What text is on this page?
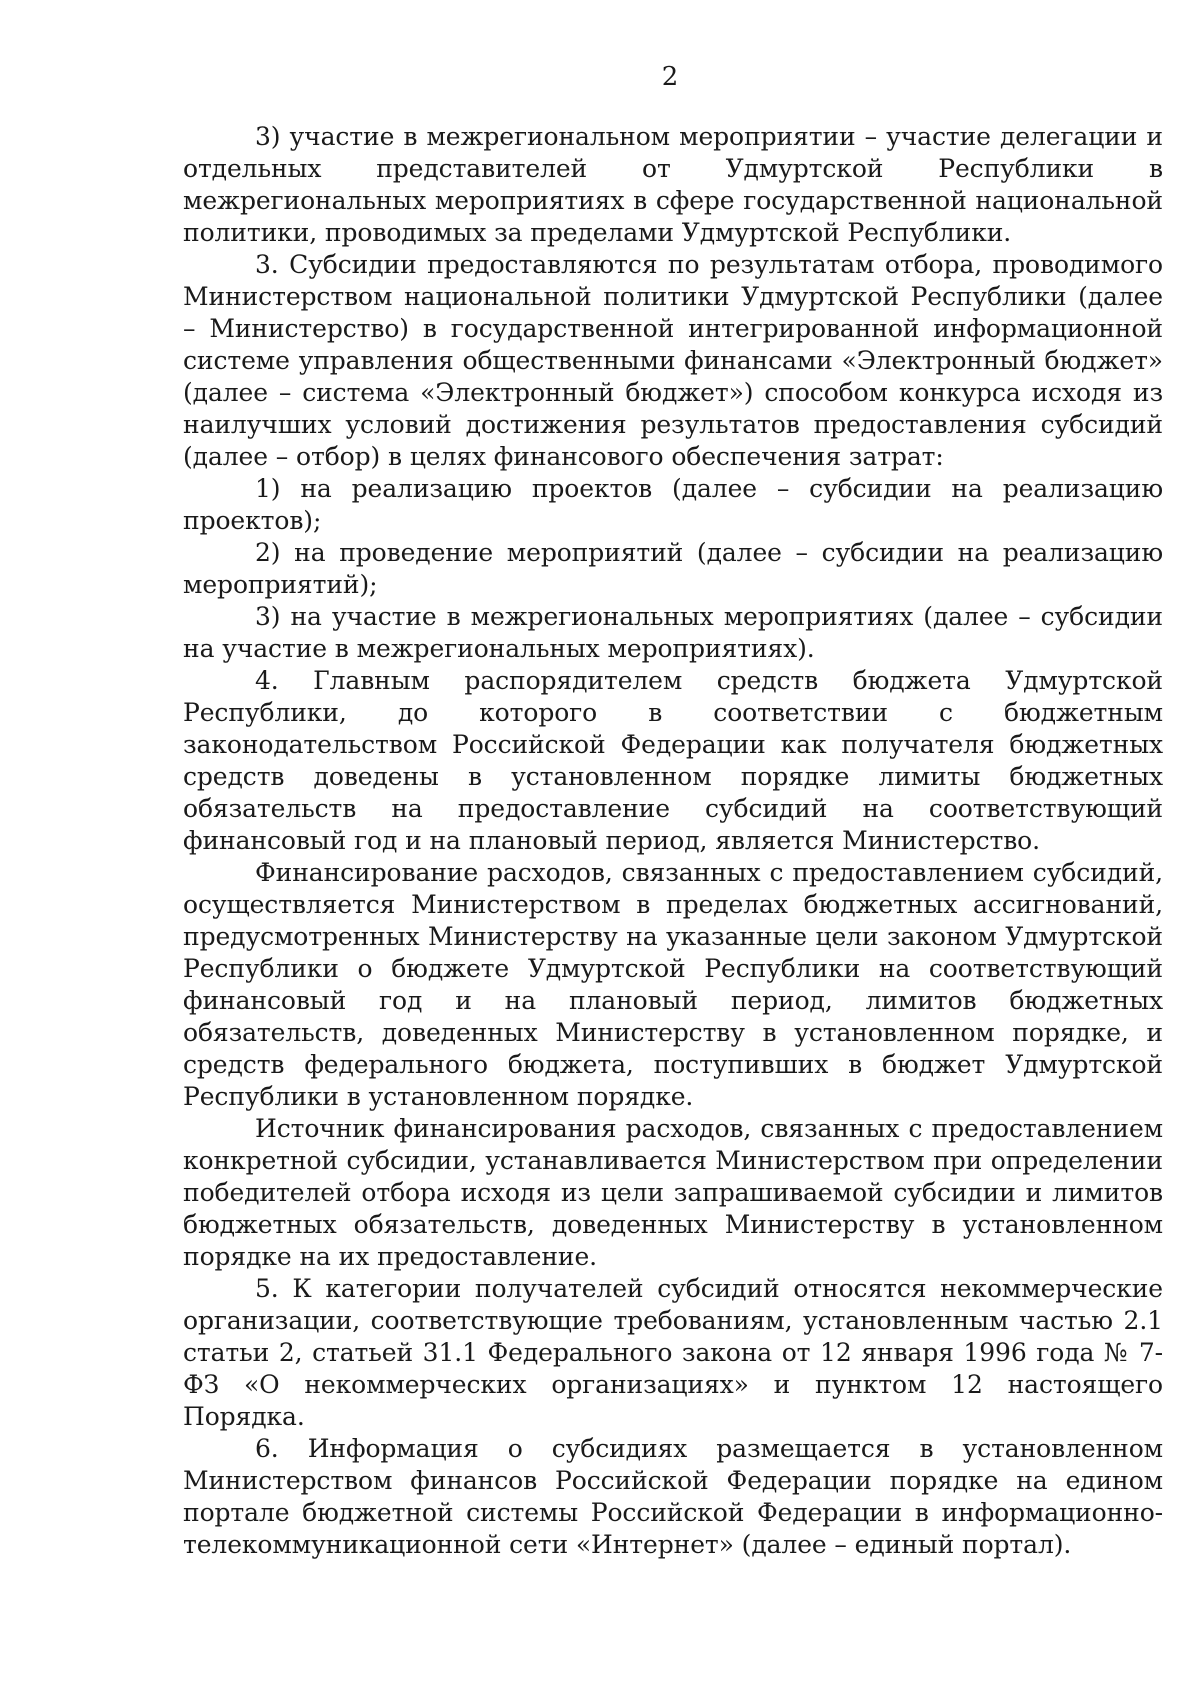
2

3) участие в межрегиональном мероприятии – участие делегации и отдельных представителей от Удмуртской Республики в межрегиональных мероприятиях в сфере государственной национальной политики, проводимых за пределами Удмуртской Республики.

3. Субсидии предоставляются по результатам отбора, проводимого Министерством национальной политики Удмуртской Республики (далее – Министерство) в государственной интегрированной информационной системе управления общественными финансами «Электронный бюджет» (далее – система «Электронный бюджет») способом конкурса исходя из наилучших условий достижения результатов предоставления субсидий (далее – отбор) в целях финансового обеспечения затрат:

1) на реализацию проектов (далее – субсидии на реализацию проектов);

2) на проведение мероприятий (далее – субсидии на реализацию мероприятий);

3) на участие в межрегиональных мероприятиях (далее – субсидии на участие в межрегиональных мероприятиях).

4. Главным распорядителем средств бюджета Удмуртской Республики, до которого в соответствии с бюджетным законодательством Российской Федерации как получателя бюджетных средств доведены в установленном порядке лимиты бюджетных обязательств на предоставление субсидий на соответствующий финансовый год и на плановый период, является Министерство.

Финансирование расходов, связанных с предоставлением субсидий, осуществляется Министерством в пределах бюджетных ассигнований, предусмотренных Министерству на указанные цели законом Удмуртской Республики о бюджете Удмуртской Республики на соответствующий финансовый год и на плановый период, лимитов бюджетных обязательств, доведенных Министерству в установленном порядке, и средств федерального бюджета, поступивших в бюджет Удмуртской Республики в установленном порядке.

Источник финансирования расходов, связанных с предоставлением конкретной субсидии, устанавливается Министерством при определении победителей отбора исходя из цели запрашиваемой субсидии и лимитов бюджетных обязательств, доведенных Министерству в установленном порядке на их предоставление.

5. К категории получателей субсидий относятся некоммерческие организации, соответствующие требованиям, установленным частью 2.1 статьи 2, статьей 31.1 Федерального закона от 12 января 1996 года № 7-ФЗ «О некоммерческих организациях» и пунктом 12 настоящего Порядка.

6. Информация о субсидиях размещается в установленном Министерством финансов Российской Федерации порядке на едином портале бюджетной системы Российской Федерации в информационно-телекоммуникационной сети «Интернет» (далее – единый портал).
